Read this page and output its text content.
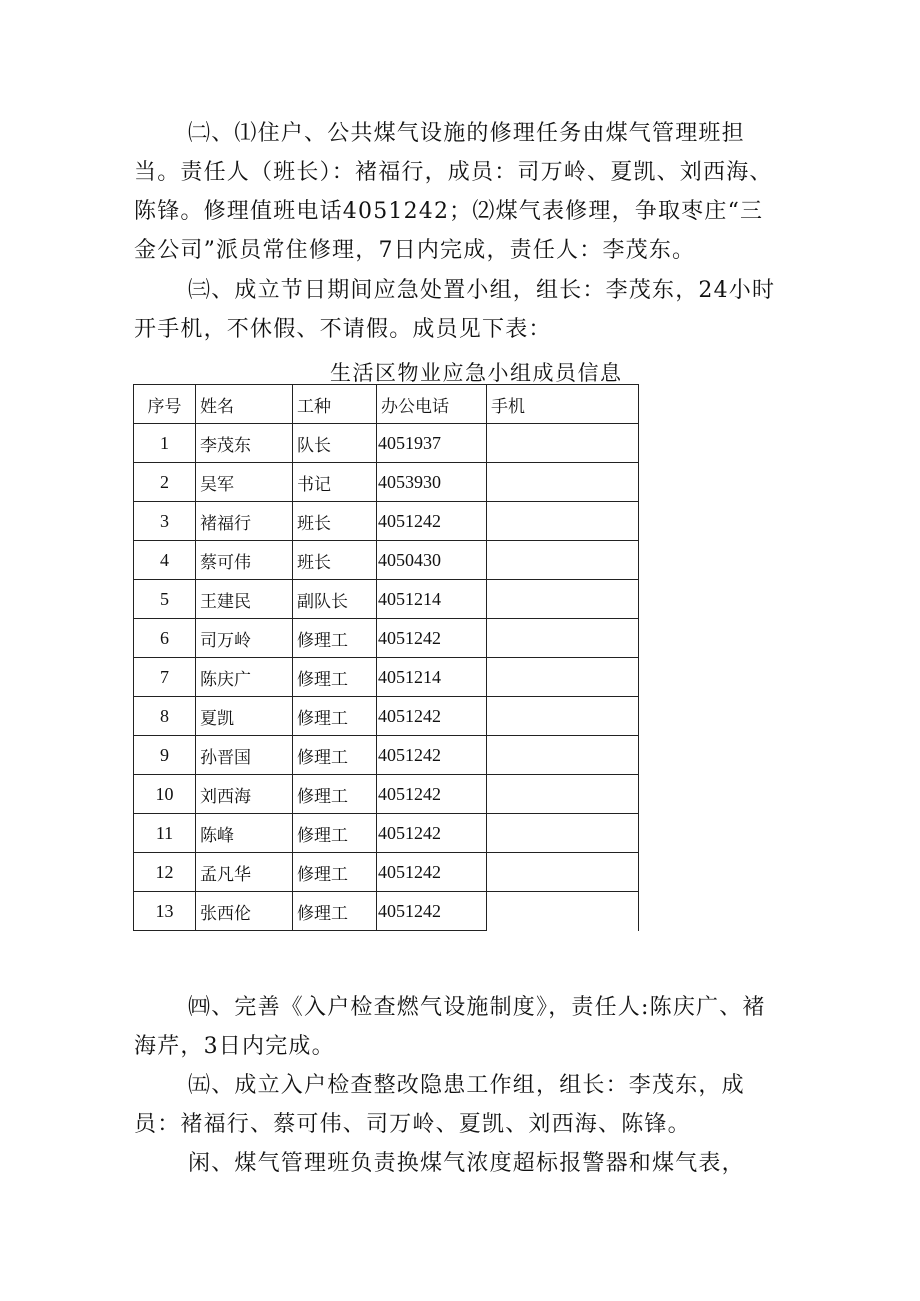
㈡、⑴住户、公共煤气设施的修理任务由煤气管理班担当。责任人（班长）：褚福行，成员：司万岭、夏凯、刘西海、陈锋。修理值班电话4051242；⑵煤气表修理，争取枣庄“三金公司”派员常住修理，7日内完成，责任人：李茂东。

㈢、成立节日期间应急处置小组，组长：李茂东，24小时开手机，不休假、不请假。成员见下表：

生活区物业应急小组成员信息

序号	姓名	工种	办公电话	手机
1	李茂东	队长	4051937	
2	吴军	书记	4053930	
3	褚福行	班长	4051242	
4	蔡可伟	班长	4050430	
5	王建民	副队长	4051214	
6	司万岭	修理工	4051242	
7	陈庆广	修理工	4051214	
8	夏凯	修理工	4051242	
9	孙晋国	修理工	4051242	
10	刘西海	修理工	4051242	
11	陈峰	修理工	4051242	
12	孟凡华	修理工	4051242	
13	张西伦	修理工	4051242	

㈣、完善《入户检查燃气设施制度》，责任人:陈庆广、褚海芹，3日内完成。

㈤、成立入户检查整改隐患工作组，组长：李茂东，成员：褚福行、蔡可伟、司万岭、夏凯、刘西海、陈锋。

闲、煤气管理班负责换煤气浓度超标报警器和煤气表，
